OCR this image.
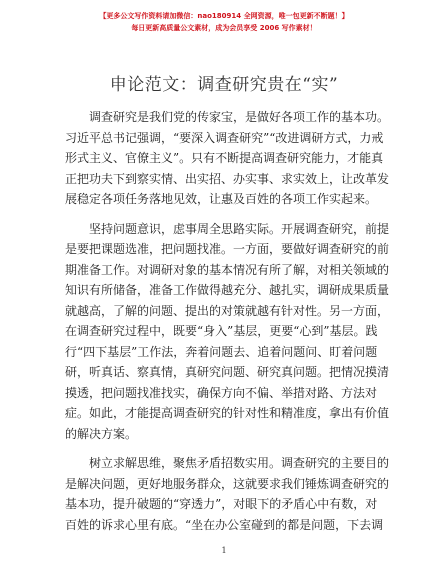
【更多公文写作资料请加微信：nao180914 全网资源，唯一包更新不断题！】
每日更新高质量公文素材，成为会员享受 2006 写作素材！
申论范文：调查研究贵在“实”
调查研究是我们党的传家宝，是做好各项工作的基本功。
习近平总书记强调，“要深入调查研究”“改进调研方式，力戒
形式主义、官僚主义”。只有不断提高调查研究能力，才能真
正把功夫下到察实情、出实招、办实事、求实效上，让改革发
展稳定各项任务落地见效，让惠及百姓的各项工作实起来。
坚持问题意识，虑事周全思路实际。开展调查研究，前提
是要把课题选准，把问题找准。一方面，要做好调查研究的前
期准备工作。对调研对象的基本情况有所了解，对相关领域的
知识有所储备，准备工作做得越充分、越扎实，调研成果质量
就越高，了解的问题、提出的对策就越有针对性。另一方面，
在调查研究过程中，既要“身入”基层，更要“心到”基层。践
行“四下基层”工作法，奔着问题去、追着问题问、盯着问题
研，听真话、察真情，真研究问题、研究真问题。把情况摸清
摸透，把问题找准找实，确保方向不偏、举措对路、方法对
症。如此，才能提高调查研究的针对性和精准度，拿出有价值
的解决方案。
树立求解思维，聚焦矛盾招数实用。调查研究的主要目的
是解决问题，更好地服务群众，这就要求我们锤炼调查研究的
基本功，提升破题的“穿透力”，对眼下的矛盾心中有数，对
百姓的诉求心里有底。“坐在办公室碰到的都是问题，下去调
1
